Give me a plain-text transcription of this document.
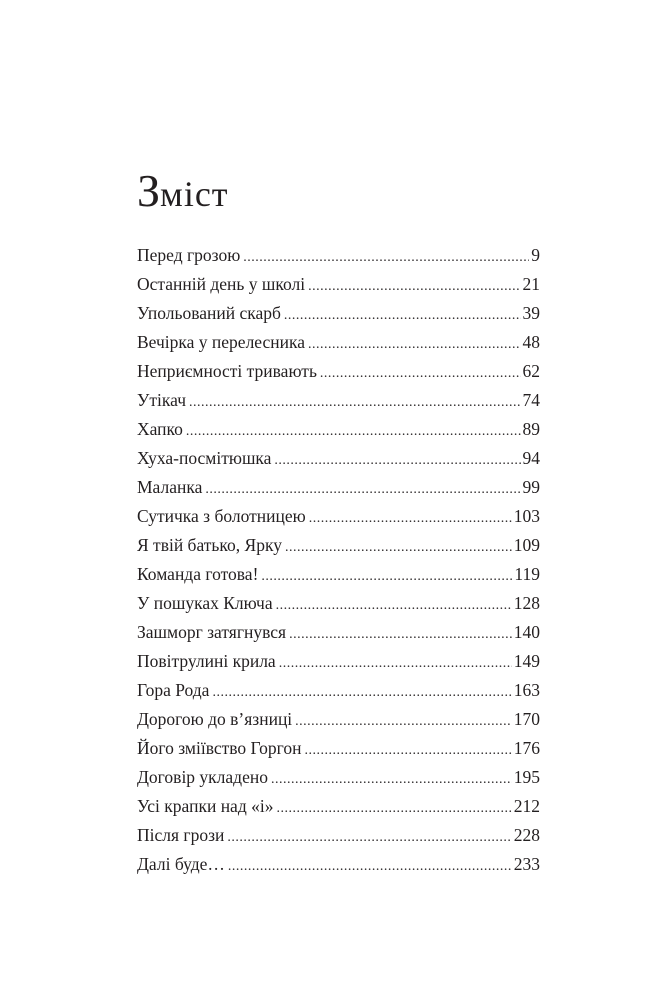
Зміст
Перед грозою .....	9
Останній день у школі .....	21
Упольований скарб .....	39
Вечірка у перелесника .....	48
Неприємності тривають .....	62
Утікач .....	74
Хапко .....	89
Хуха-посмітюшка .....	94
Маланка .....	99
Сутичка з болотницею .....	103
Я твій батько, Ярку .....	109
Команда готова! .....	119
У пошуках Ключа .....	128
Зашморг затягнувся .....	140
Повітрулині крила .....	149
Гора Рода .....	163
Дорогою до в’язниці .....	170
Його зміївство Горгон .....	176
Договір укладено .....	195
Усі крапки над «і» .....	212
Після грози .....	228
Далі буде… .....	233
